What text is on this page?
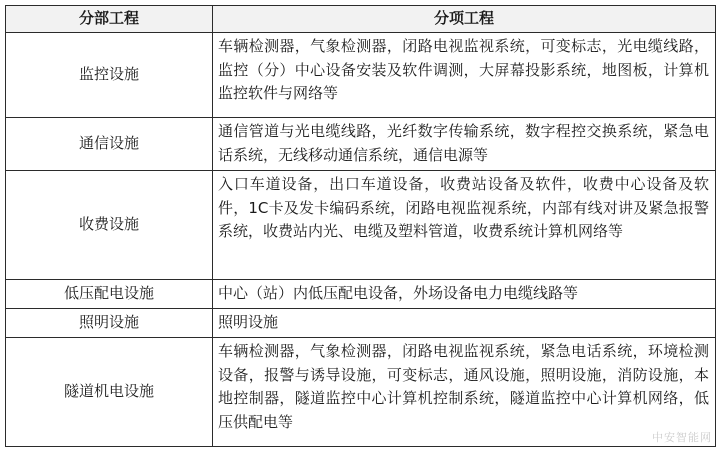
分部工程	分项工程
监控设施	车辆检测器，气象检测器，闭路电视监视系统，可变标志，光电缆线路，监控（分）中心设备安装及软件调测，大屏幕投影系统，地图板，计算机监控软件与网络等
通信设施	通信管道与光电缆线路，光纤数字传输系统，数字程控交换系统，紧急电话系统，无线移动通信系统，通信电源等
收费设施	入口车道设备，出口车道设备，收费站设备及软件，收费中心设备及软件，1C卡及发卡编码系统，闭路电视监视系统，内部有线对讲及紧急报警系统，收费站内光、电缆及塑料管道，收费系统计算机网络等
低压配电设施	中心（站）内低压配电设备，外场设备电力电缆线路等
照明设施	照明设施
隧道机电设施	车辆检测器，气象检测器，闭路电视监视系统，紧急电话系统，环境检测设备，报警与诱导设施，可变标志，通风设施，照明设施，消防设施，本地控制器，隧道监控中心计算机控制系统，隧道监控中心计算机网络，低压供配电等
中安智能网
